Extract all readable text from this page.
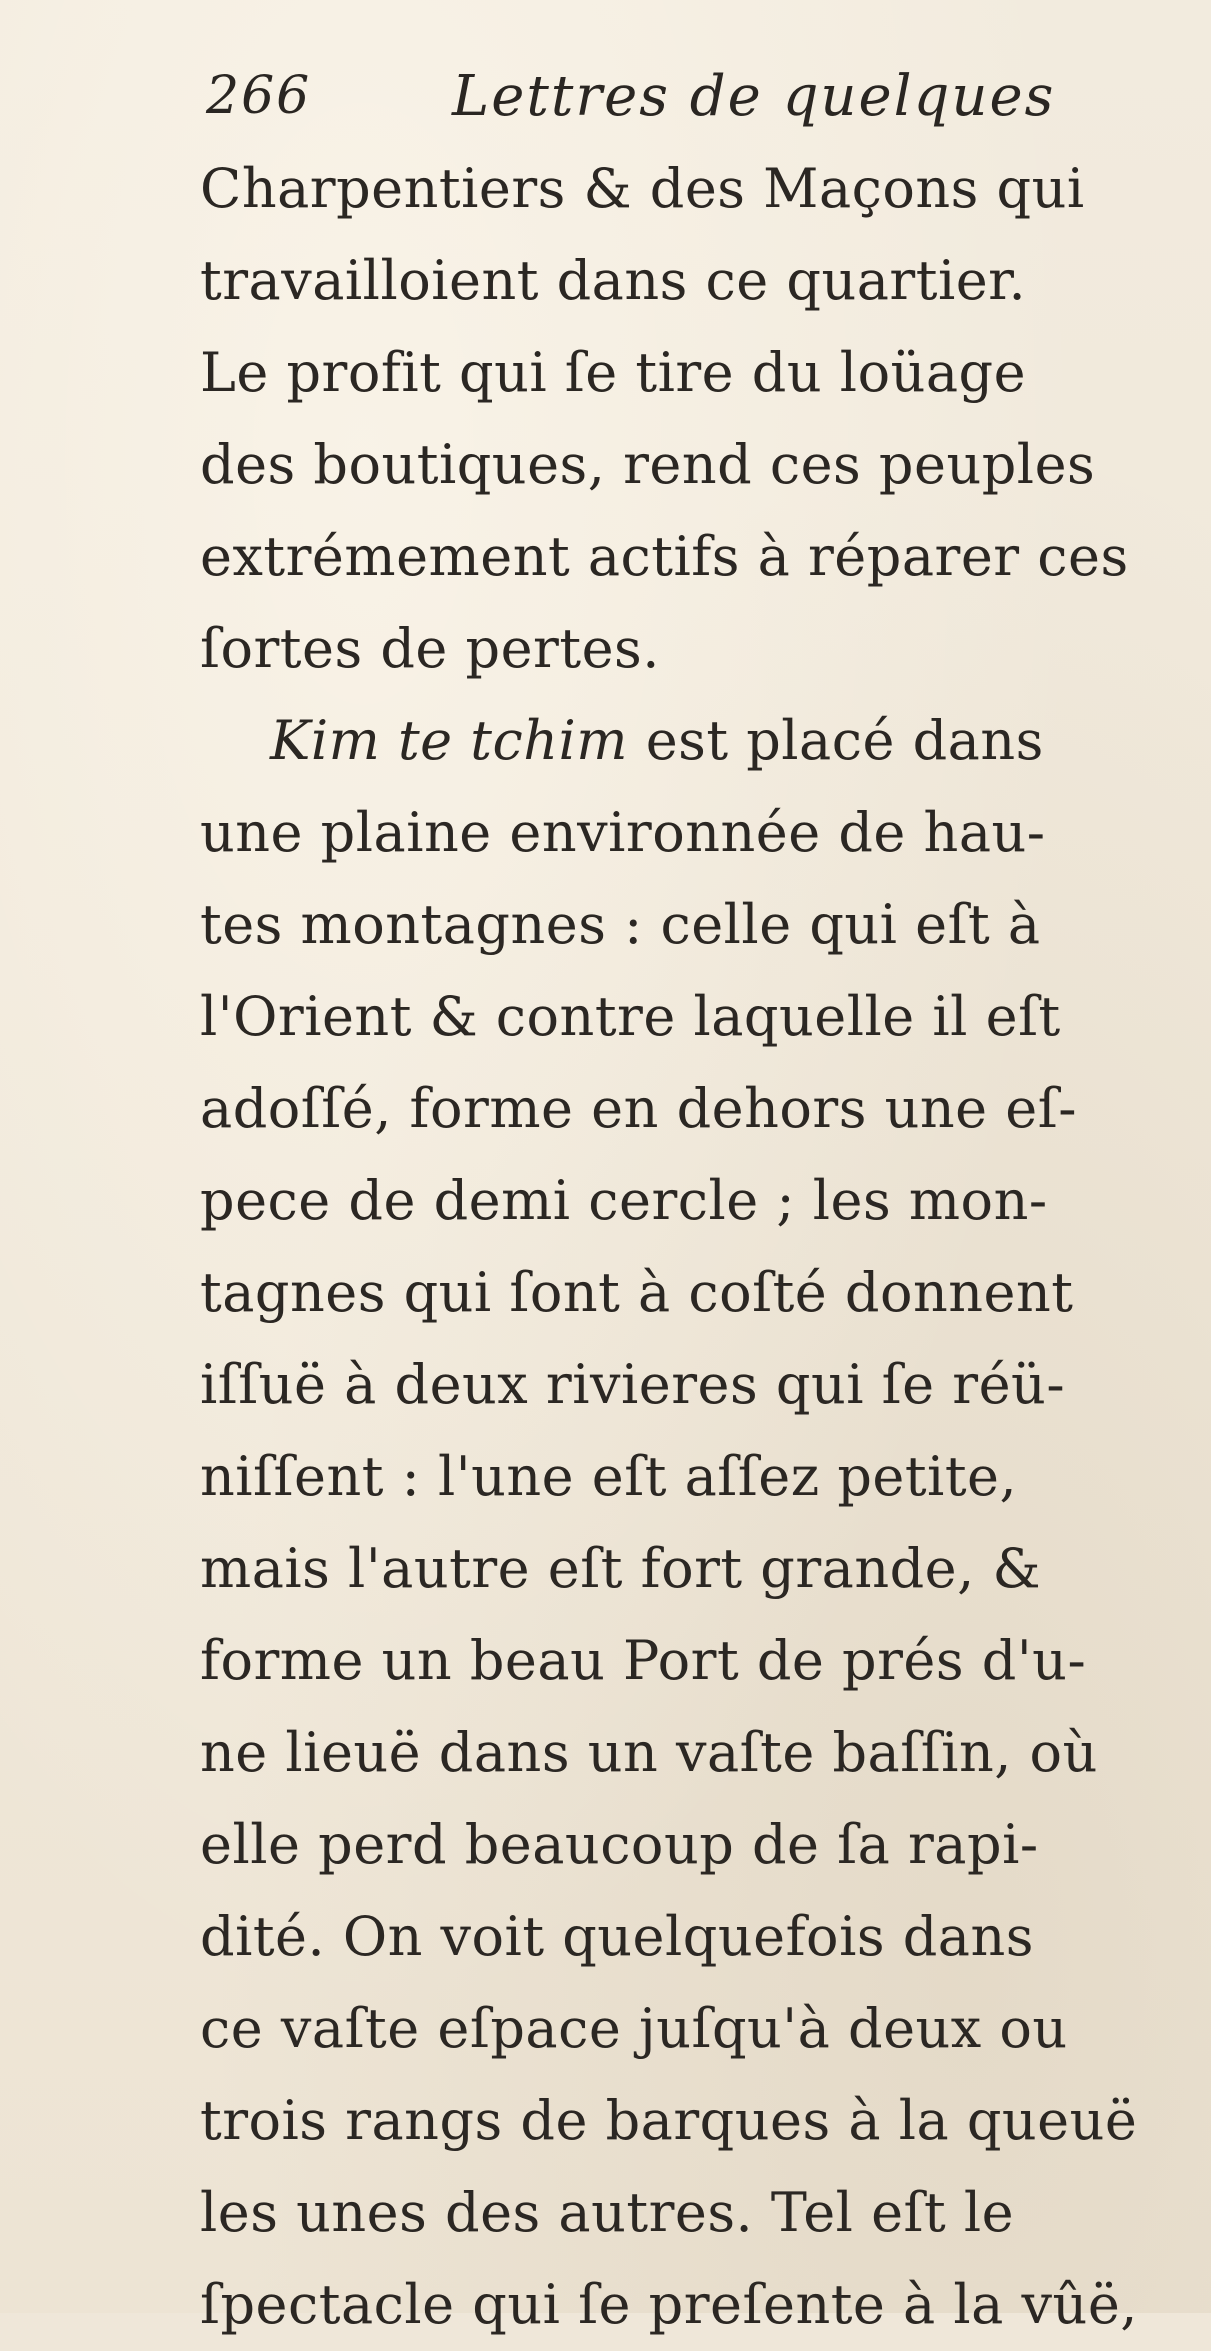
266	Lettres de quelques
Charpentiers & des Maçons qui
travailloient dans ce quartier.
Le profit qui ſe tire du loüage
des boutiques, rend ces peuples
extrémement actifs à réparer ces
ſortes de pertes.
Kim te tchim est placé dans
une plaine environnée de hau-
tes montagnes : celle qui eſt à
l'Orient & contre laquelle il eſt
adoſſé, forme en dehors une eſ-
pece de demi cercle ; les mon-
tagnes qui ſont à coſté donnent
iſſuë à deux rivieres qui ſe réü-
niſſent : l'une eſt aſſez petite,
mais l'autre eſt fort grande, &
forme un beau Port de prés d'u-
ne lieuë dans un vaſte baſſin, où
elle perd beaucoup de ſa rapi-
dité. On voit quelquefois dans
ce vaſte eſpace juſqu'à deux ou
trois rangs de barques à la queuë
les unes des autres. Tel eſt le
ſpectacle qui ſe preſente à la vûë,
